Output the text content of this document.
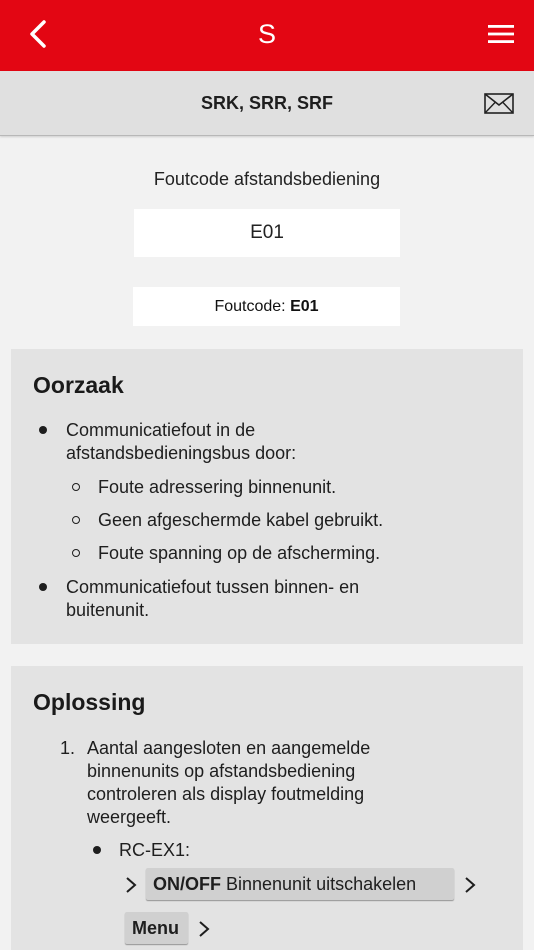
S
SRK, SRR, SRF
Foutcode afstandsbediening
E01
Foutcode: E01
Oorzaak
Communicatiefout in de
afstandsbedieningsbus door:
Foute adressering binnenunit.
Geen afgeschermde kabel gebruikt.
Foute spanning op de afscherming.
Communicatiefout tussen binnen- en
buitenunit.
Oplossing
1. Aantal aangesloten en aangemelde
binnenunits op afstandsbediening
controleren als display foutmelding
weergeeft.
RC-EX1:
ON/OFF Binnenunit uitschakelen
Menu
